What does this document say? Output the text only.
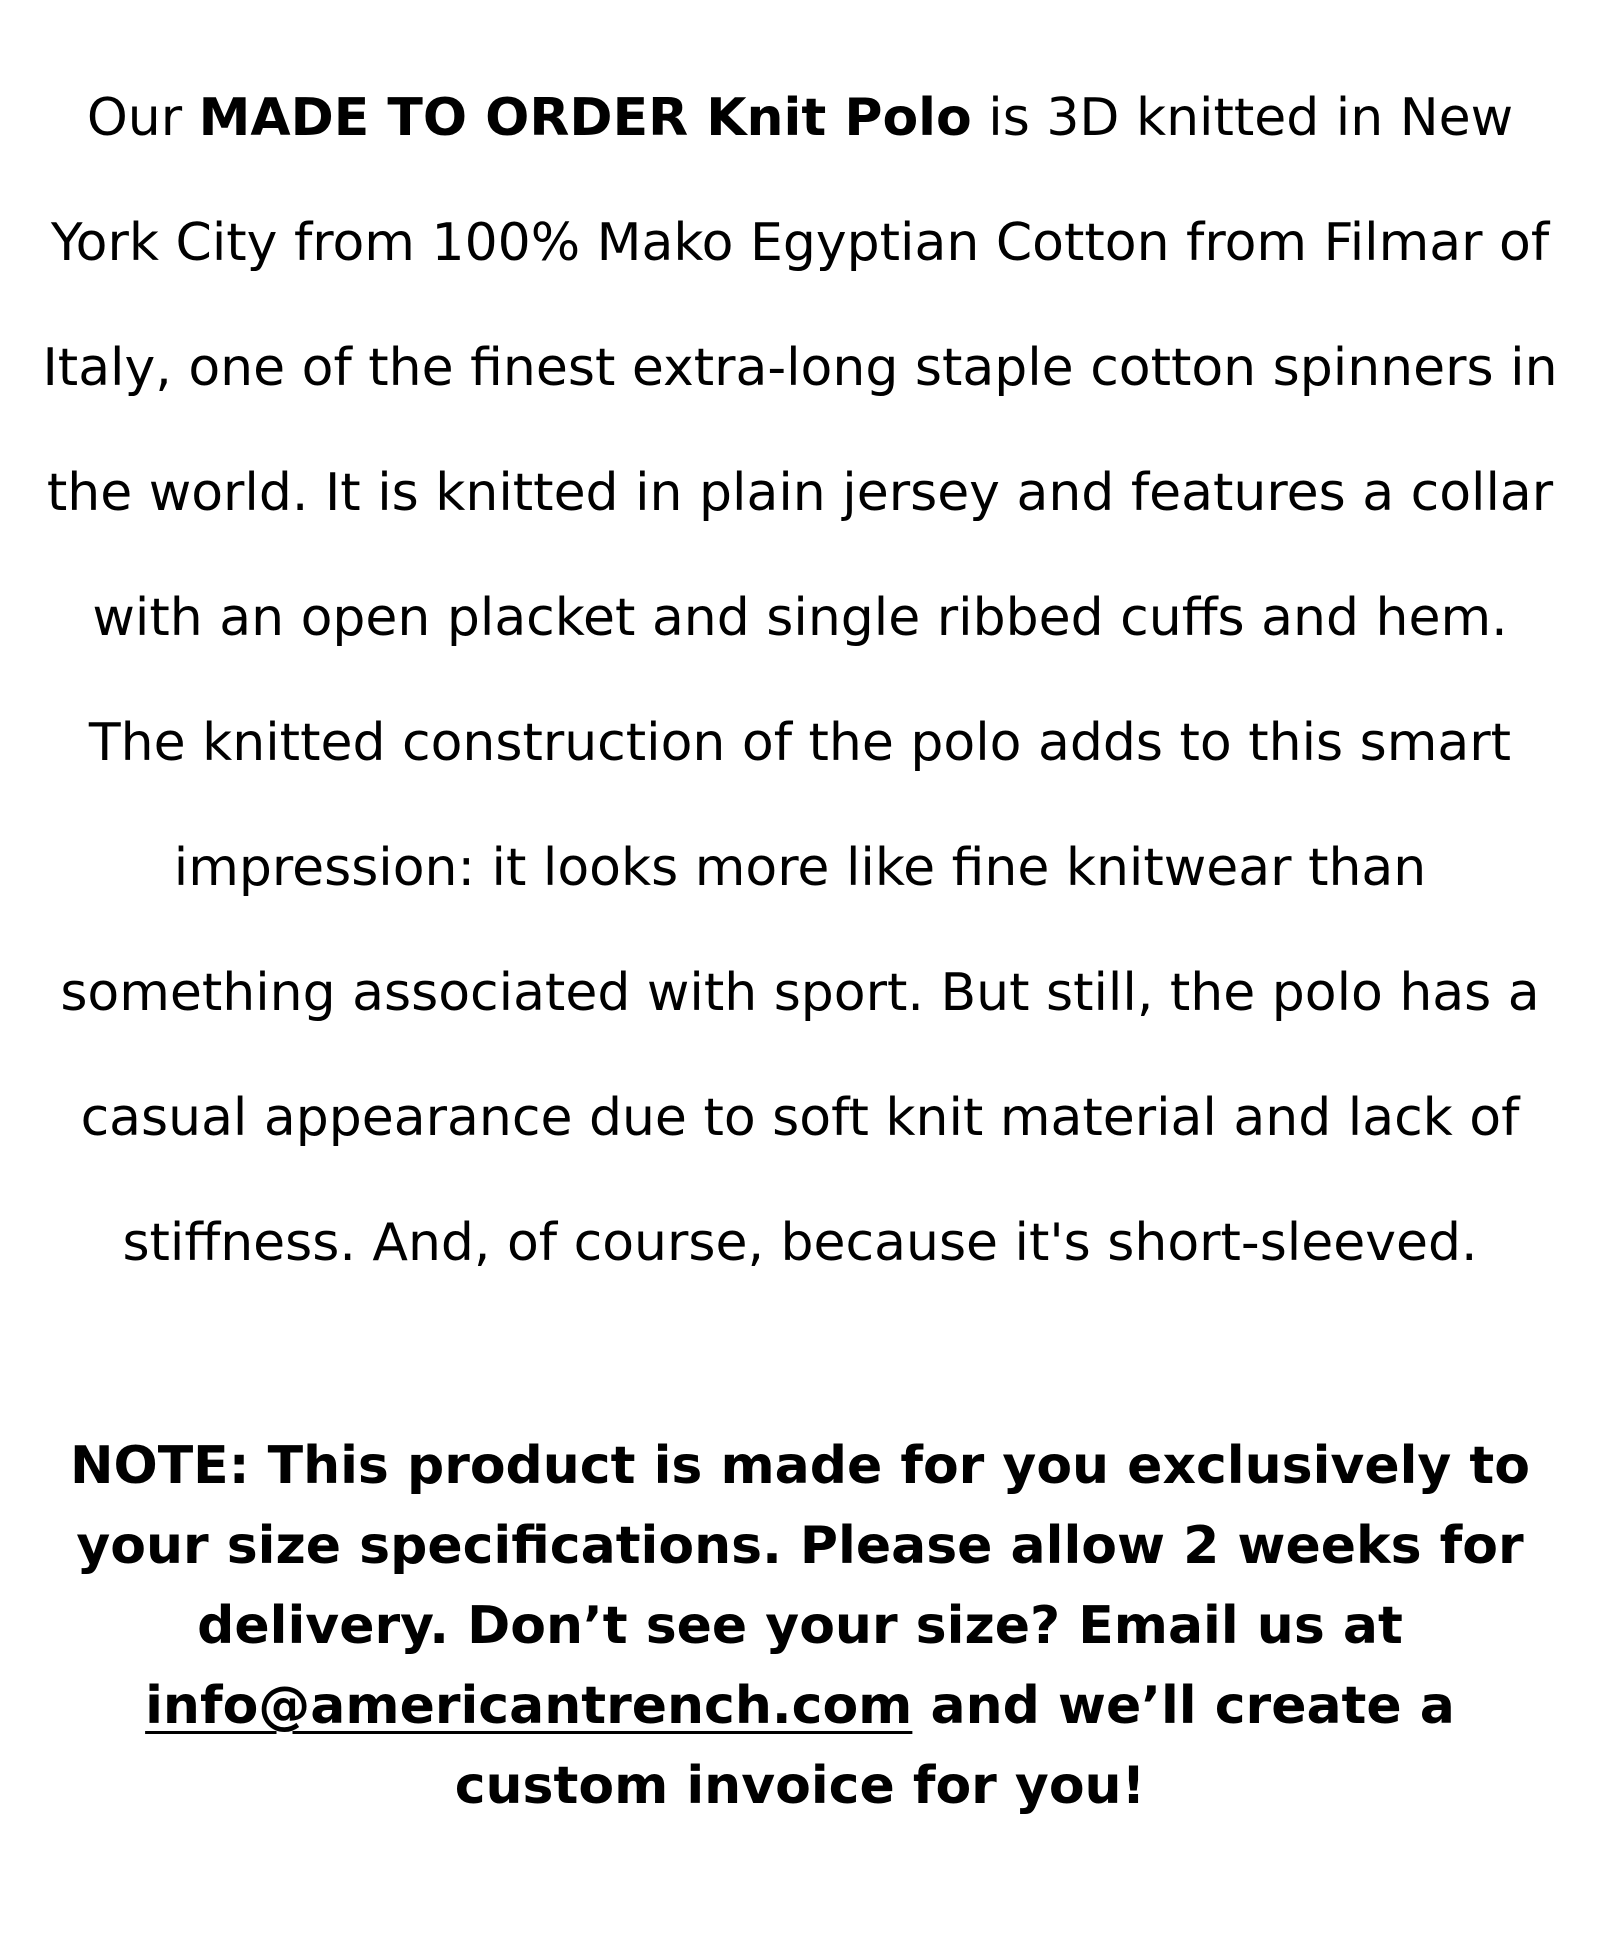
Our MADE TO ORDER Knit Polo is 3D knitted in New York City from 100% Mako Egyptian Cotton from Filmar of Italy, one of the finest extra-long staple cotton spinners in the world. It is knitted in plain jersey and features a collar with an open placket and single ribbed cuffs and hem. The knitted construction of the polo adds to this smart impression: it looks more like fine knitwear than something associated with sport. But still, the polo has a casual appearance due to soft knit material and lack of stiffness. And, of course, because it's short-sleeved.

NOTE: This product is made for you exclusively to your size specifications. Please allow 2 weeks for delivery. Don’t see your size? Email us at info@americantrench.com and we’ll create a custom invoice for you!
